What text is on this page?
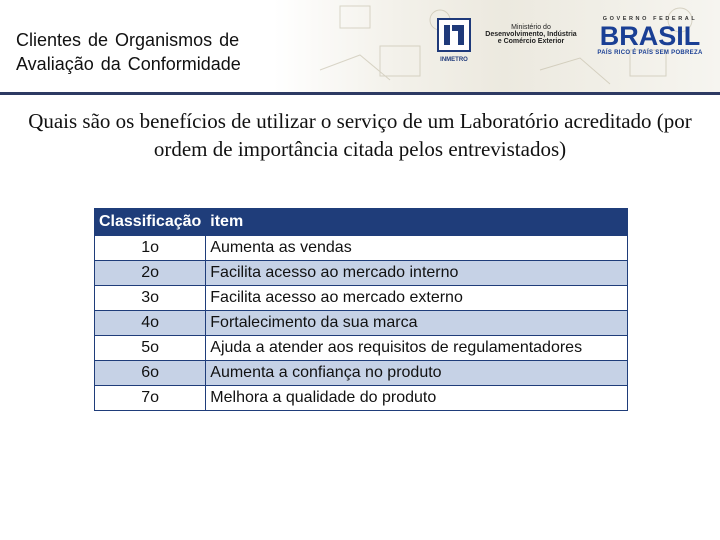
Clientes de Organismos de
Avaliação da Conformidade	INMETRO
Ministério do
Desenvolvimento, Indústria
e Comércio Exterior
GOVERNO FEDERAL
BRASIL
PAÍS RICO É PAÍS SEM POBREZA
Quais são os benefícios de utilizar o serviço de um Laboratório acreditado (por ordem de importância citada pelos entrevistados)
Classificação	item
1o	Aumenta as vendas
2o	Facilita acesso ao mercado interno
3o	Facilita acesso ao mercado externo
4o	Fortalecimento da sua marca
5o	Ajuda a atender aos requisitos de regulamentadores
6o	Aumenta a confiança no produto
7o	Melhora a qualidade do produto
